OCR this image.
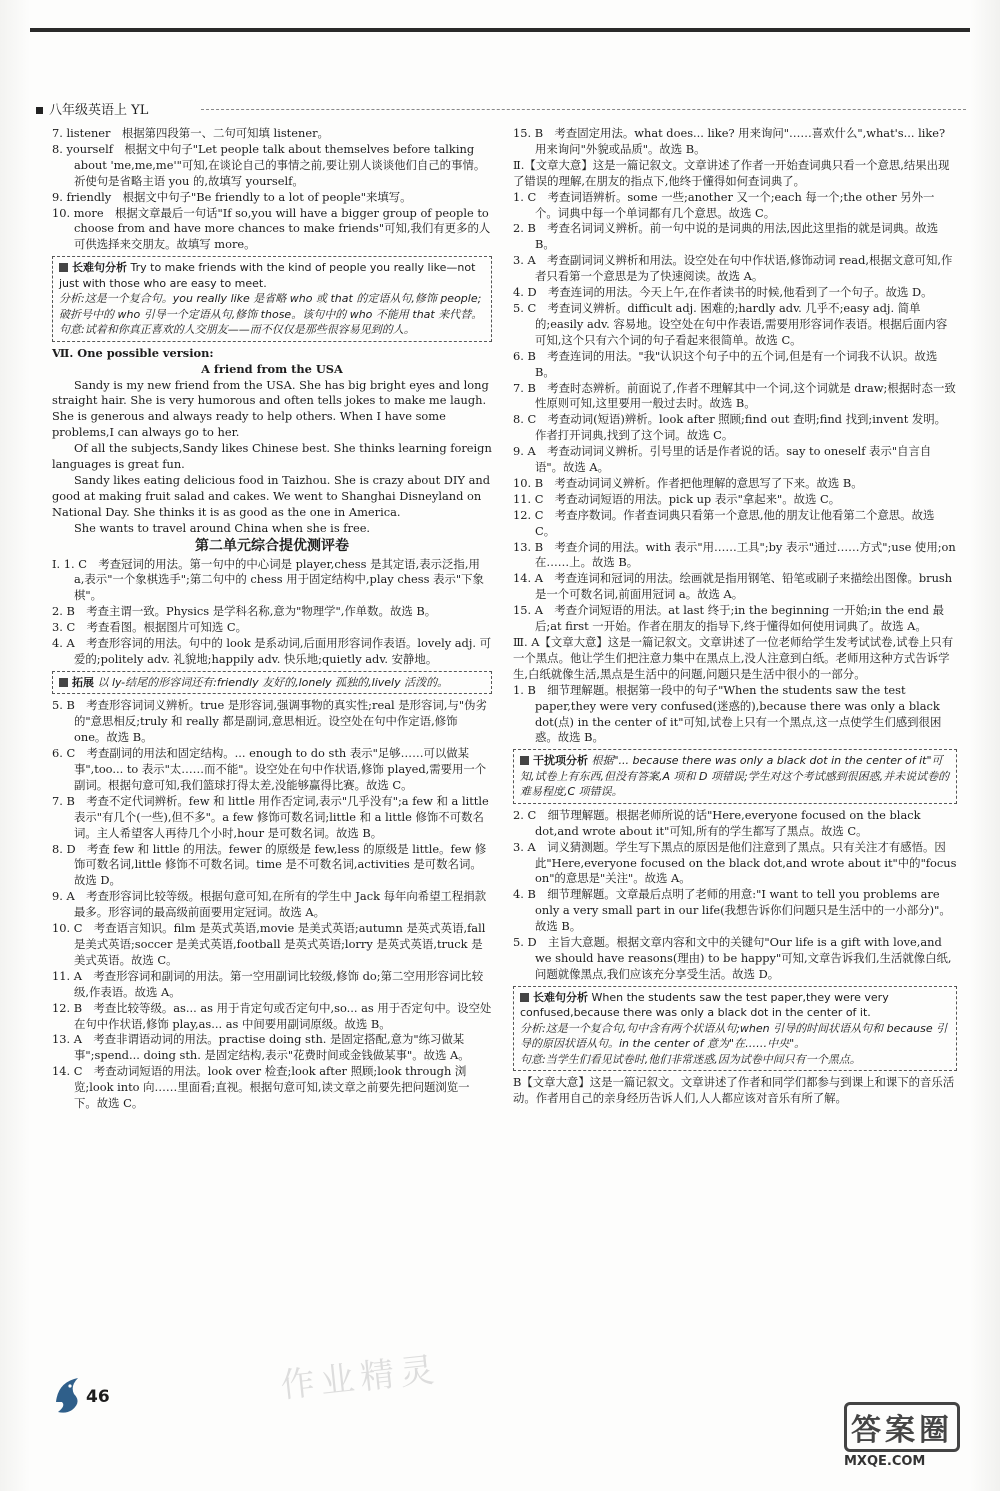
八年级英语上 YL

7. listener　根据第四段第一、二句可知填 listener。

8. yourself　根据文中句子"Let people talk about themselves before talking about 'me,me,me'"可知,在谈论自己的事情之前,要让别人谈谈他们自己的事情。祈使句是省略主语 you 的,故填写 yourself。

9. friendly　根据文中句子"Be friendly to a lot of people"来填写。

10. more　根据文章最后一句话"If so,you will have a bigger group of people to choose from and have more chances to make friends"可知,我们有更多的人可供选择来交朋友。故填写 more。

长难句分析 Try to make friends with the kind of people you really like—not just with those who are easy to meet.

分析:这是一个复合句。you really like 是省略 who 或 that 的定语从句,修饰 people;破折号中的 who 引导一个定语从句,修饰 those。该句中的 who 不能用 that 来代替。

句意:试着和你真正喜欢的人交朋友——而不仅仅是那些很容易见到的人。

Ⅶ. One possible version:

A friend from the USA

Sandy is my new friend from the USA. She has big bright eyes and long straight hair. She is very humorous and often tells jokes to make me laugh. She is generous and always ready to help others. When I have some problems,I can always go to her.

Of all the subjects,Sandy likes Chinese best. She thinks learning foreign languages is great fun.

Sandy likes eating delicious food in Taizhou. She is crazy about DIY and good at making fruit salad and cakes. We went to Shanghai Disneyland on National Day. She thinks it is as good as the one in America.

She wants to travel around China when she is free.

第二单元综合提优测评卷

Ⅰ. 1. C　考查冠词的用法。第一句中的中心词是 player,chess 是其定语,表示泛指,用 a,表示"一个象棋选手";第二句中的 chess 用于固定结构中,play chess 表示"下象棋"。

2. B　考查主谓一致。Physics 是学科名称,意为"物理学",作单数。故选 B。

3. C　考查看图。根据图片可知选 C。

4. A　考查形容词的用法。句中的 look 是系动词,后面用形容词作表语。lovely adj. 可爱的;politely adv. 礼貌地;happily adv. 快乐地;quietly adv. 安静地。

拓展 以 ly-结尾的形容词还有:friendly 友好的,lonely 孤独的,lively 活泼的。

5. B　考查形容词词义辨析。true 是形容词,强调事物的真实性;real 是形容词,与"伪劣的"意思相反;truly 和 really 都是副词,意思相近。设空处在句中作定语,修饰 one。故选 B。

6. C　考查副词的用法和固定结构。... enough to do sth 表示"足够……可以做某事",too... to 表示"太……而不能"。设空处在句中作状语,修饰 played,需要用一个副词。根据句意可知,我们篮球打得太差,没能够赢得比赛。故选 C。

7. B　考查不定代词辨析。few 和 little 用作否定词,表示"几乎没有";a few 和 a little 表示"有几个(一些),但不多"。a few 修饰可数名词;little 和 a little 修饰不可数名词。主人希望客人再待几个小时,hour 是可数名词。故选 B。

8. D　考查 few 和 little 的用法。fewer 的原级是 few,less 的原级是 little。few 修饰可数名词,little 修饰不可数名词。time 是不可数名词,activities 是可数名词。故选 D。

9. A　考查形容词比较等级。根据句意可知,在所有的学生中 Jack 每年向希望工程捐款最多。形容词的最高级前面要用定冠词。故选 A。

10. C　考查语言知识。film 是英式英语,movie 是美式英语;autumn 是英式英语,fall 是美式英语;soccer 是美式英语,football 是英式英语;lorry 是英式英语,truck 是美式英语。故选 C。

11. A　考查形容词和副词的用法。第一空用副词比较级,修饰 do;第二空用形容词比较级,作表语。故选 A。

12. B　考查比较等级。as... as 用于肯定句或否定句中,so... as 用于否定句中。设空处在句中作状语,修饰 play,as... as 中间要用副词原级。故选 B。

13. A　考查非谓语动词的用法。practise doing sth. 是固定搭配,意为"练习做某事";spend... doing sth. 是固定结构,表示"花费时间或金钱做某事"。故选 A。

14. C　考查动词短语的用法。look over 检查;look after 照顾;look through 浏览;look into 向……里面看;直视。根据句意可知,读文章之前要先把问题浏览一下。故选 C。

15. B　考查固定用法。what does... like? 用来询问"……喜欢什么",what's... like? 用来询问"外貌或品质"。故选 B。

Ⅱ.【文章大意】这是一篇记叙文。文章讲述了作者一开始查词典只看一个意思,结果出现了错误的理解,在朋友的指点下,他终于懂得如何查词典了。

1. C　考查词语辨析。some 一些;another 又一个;each 每一个;the other 另外一个。词典中每一个单词都有几个意思。故选 C。

2. B　考查名词词义辨析。前一句中说的是词典的用法,因此这里指的就是词典。故选 B。

3. A　考查副词词义辨析和用法。设空处在句中作状语,修饰动词 read,根据文意可知,作者只看第一个意思是为了快速阅读。故选 A。

4. D　考查连词的用法。今天上午,在作者读书的时候,他看到了一个句子。故选 D。

5. C　考查词义辨析。difficult adj. 困难的;hardly adv. 几乎不;easy adj. 简单的;easily adv. 容易地。设空处在句中作表语,需要用形容词作表语。根据后面内容可知,这个只有六个词的句子看起来很简单。故选 C。

6. B　考查连词的用法。"我"认识这个句子中的五个词,但是有一个词我不认识。故选 B。

7. B　考查时态辨析。前面说了,作者不理解其中一个词,这个词就是 draw;根据时态一致性原则可知,这里要用一般过去时。故选 B。

8. C　考查动词(短语)辨析。look after 照顾;find out 查明;find 找到;invent 发明。作者打开词典,找到了这个词。故选 C。

9. A　考查动词词义辨析。引号里的话是作者说的话。say to oneself 表示"自言自语"。故选 A。

10. B　考查动词词义辨析。作者把他理解的意思写了下来。故选 B。

11. C　考查动词短语的用法。pick up 表示"拿起来"。故选 C。

12. C　考查序数词。作者查词典只看第一个意思,他的朋友让他看第二个意思。故选 C。

13. B　考查介词的用法。with 表示"用……工具";by 表示"通过……方式";use 使用;on 在……上。故选 B。

14. A　考查连词和冠词的用法。绘画就是指用钢笔、铅笔或刷子来描绘出图像。brush 是一个可数名词,前面用冠词 a。故选 A。

15. A　考查介词短语的用法。at last 终于;in the beginning 一开始;in the end 最后;at first 一开始。作者在朋友的指导下,终于懂得如何使用词典了。故选 A。

Ⅲ. A【文章大意】这是一篇记叙文。文章讲述了一位老师给学生发考试试卷,试卷上只有一个黑点。他让学生们把注意力集中在黑点上,没人注意到白纸。老师用这种方式告诉学生,白纸就像生活,黑点是生活中的问题,问题只是生活中很小的一部分。

1. B　细节理解题。根据第一段中的句子"When the students saw the test paper,they were very confused(迷惑的),because there was only a black dot(点) in the center of it"可知,试卷上只有一个黑点,这一点使学生们感到很困惑。故选 B。

干扰项分析 根据"... because there was only a black dot in the center of it"可知,试卷上有东西,但没有答案,A 项和 D 项错误;学生对这个考试感到很困惑,并未说试卷的难易程度,C 项错误。

2. C　细节理解题。根据老师所说的话"Here,everyone focused on the black dot,and wrote about it"可知,所有的学生都写了黑点。故选 C。

3. A　词义猜测题。学生写下黑点的原因是他们注意到了黑点。只有关注才有感悟。因此"Here,everyone focused on the black dot,and wrote about it"中的"focus on"的意思是"关注"。故选 A。

4. B　细节理解题。文章最后点明了老师的用意:"I want to tell you problems are only a very small part in our life(我想告诉你们问题只是生活中的一小部分)"。故选 B。

5. D　主旨大意题。根据文章内容和文中的关键句"Our life is a gift with love,and we should have reasons(理由) to be happy"可知,文章告诉我们,生活就像白纸,问题就像黑点,我们应该充分享受生活。故选 D。

长难句分析 When the students saw the test paper,they were very confused,because there was only a black dot in the center of it.

分析:这是一个复合句,句中含有两个状语从句;when 引导的时间状语从句和 because 引导的原因状语从句。in the center of 意为"在……中央"。

句意:当学生们看见试卷时,他们非常迷惑,因为试卷中间只有一个黑点。

B【文章大意】这是一篇记叙文。文章讲述了作者和同学们都参与到课上和课下的音乐活动。作者用自己的亲身经历告诉人们,人人都应该对音乐有所了解。

46	作业精灵
答案圈
MXQE.COM
